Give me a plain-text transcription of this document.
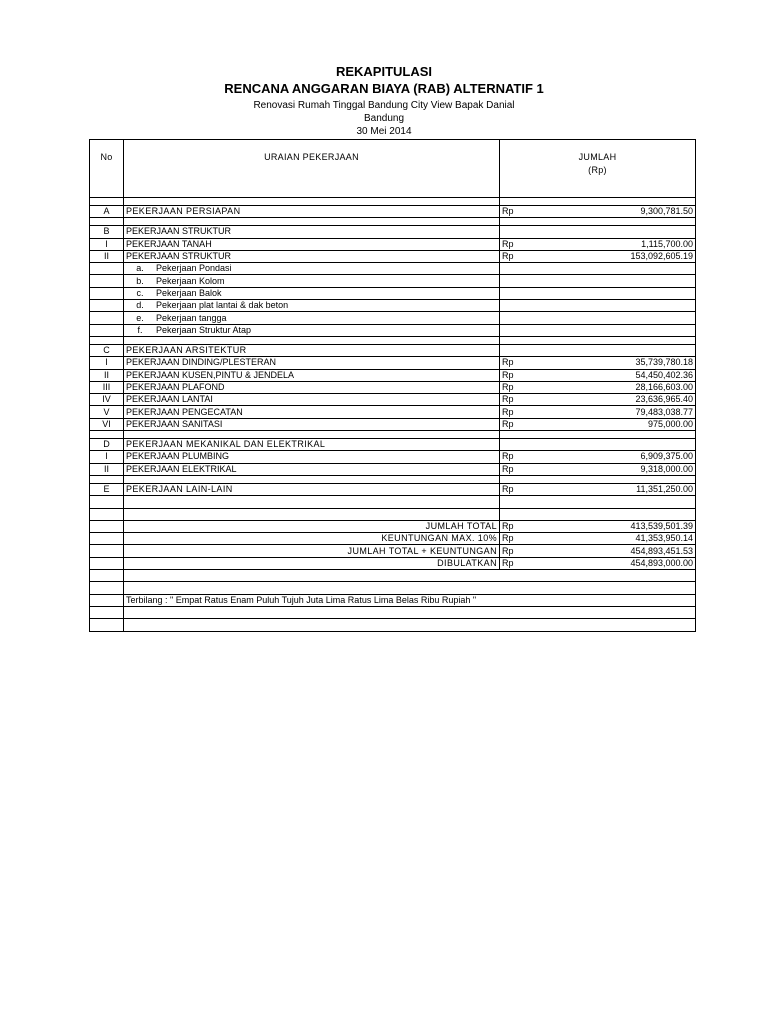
REKAPITULASI
RENCANA ANGGARAN BIAYA (RAB) ALTERNATIF 1
Renovasi Rumah Tinggal Bandung City View Bapak Danial
Bandung
30 Mei 2014
No	URAIAN PEKERJAAN	JUMLAH
(Rp)	

A	PEKERJAAN PERSIAPAN	Rp	9,300,781.50

B	PEKERJAAN STRUKTUR		
I	PEKERJAAN TANAH	Rp	1,115,700.00
II	PEKERJAAN STRUKTUR	Rp	153,092,605.19
	a. Pekerjaan Pondasi		
	b. Pekerjaan Kolom		
	c. Pekerjaan Balok		
	d. Pekerjaan plat lantai & dak beton		
	e. Pekerjaan tangga		
	f. Pekerjaan Struktur Atap		

C	PEKERJAAN ARSITEKTUR		
I	PEKERJAAN DINDING/PLESTERAN	Rp	35,739,780.18
II	PEKERJAAN KUSEN,PINTU & JENDELA	Rp	54,450,402.36
III	PEKERJAAN PLAFOND	Rp	28,166,603.00
IV	PEKERJAAN LANTAI	Rp	23,636,965.40
V	PEKERJAAN PENGECATAN	Rp	79,483,038.77
VI	PEKERJAAN SANITASI	Rp	975,000.00

D	PEKERJAAN MEKANIKAL DAN ELEKTRIKAL		
I	PEKERJAAN PLUMBING	Rp	6,909,375.00
II	PEKERJAAN ELEKTRIKAL	Rp	9,318,000.00

E	PEKERJAAN LAIN-LAIN	Rp	11,351,250.00

	JUMLAH TOTAL	Rp	413,539,501.39
	KEUNTUNGAN MAX. 10%	Rp	41,353,950.14
	JUMLAH TOTAL + KEUNTUNGAN	Rp	454,893,451.53
	DIBULATKAN	Rp	454,893,000.00

	Terbilang : " Empat Ratus Enam Puluh Tujuh Juta Lima Ratus Lima Belas Ribu Rupiah "		
